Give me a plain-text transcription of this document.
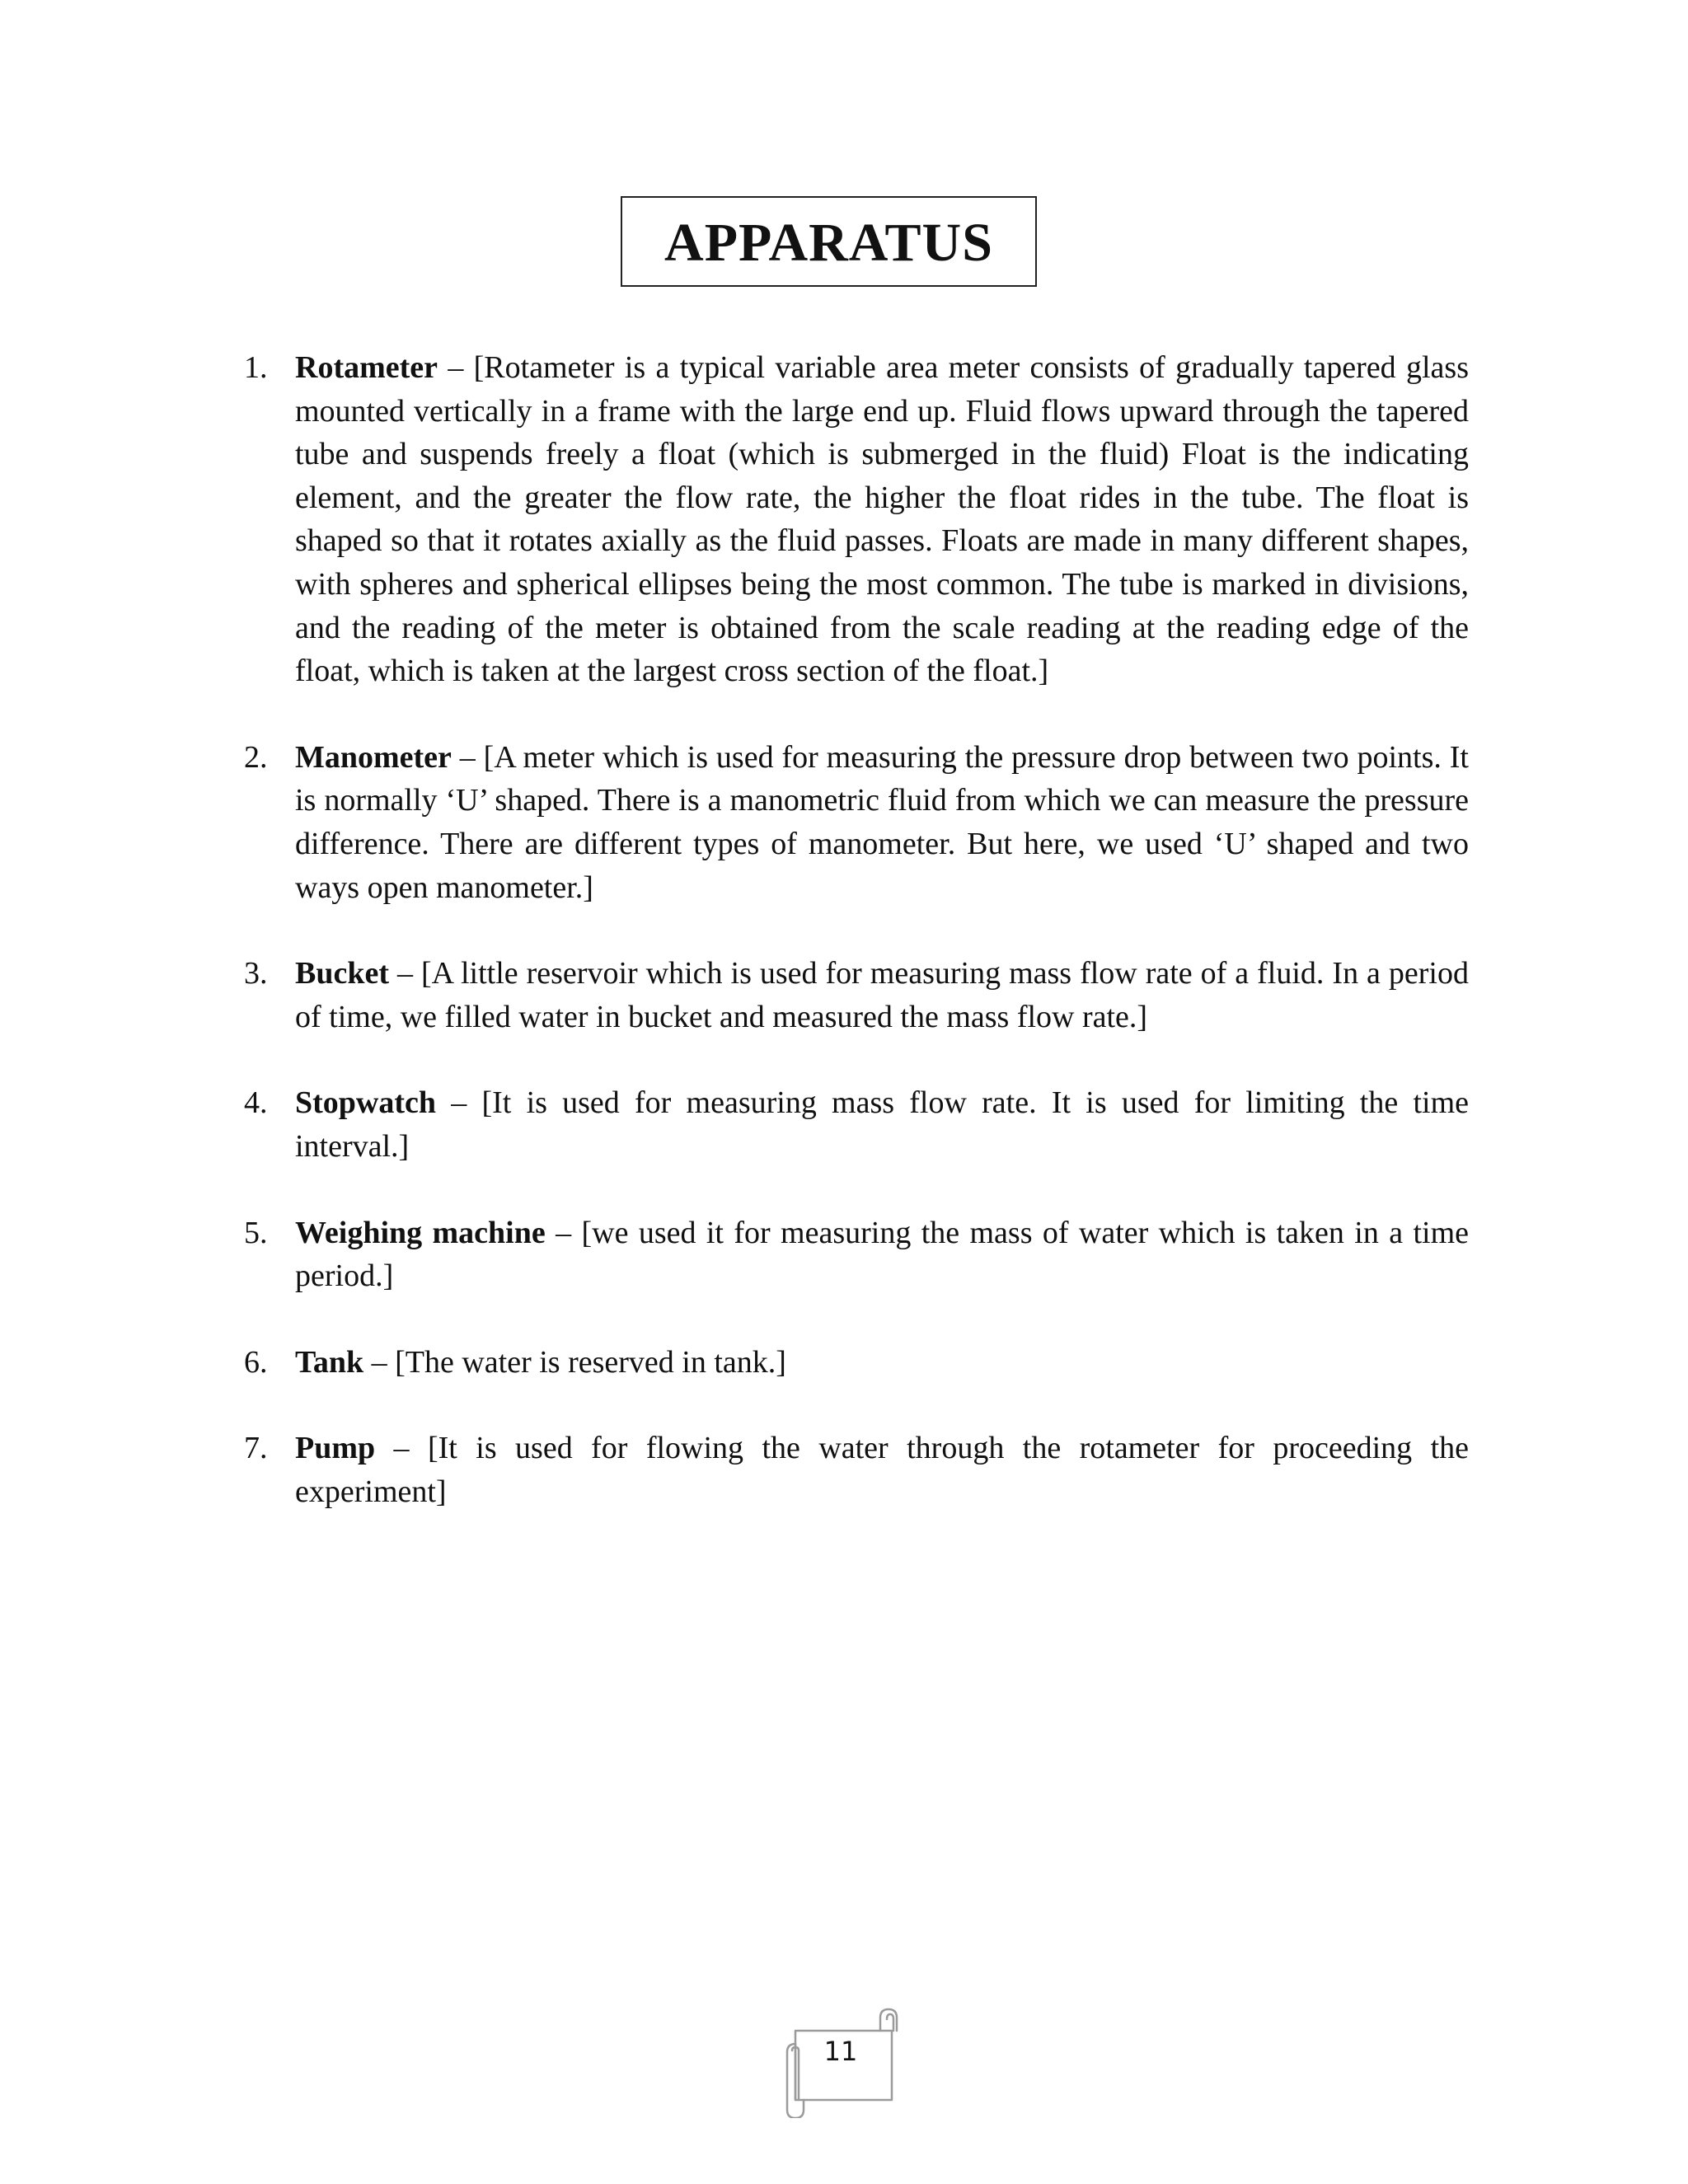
APPARATUS
1. Rotameter – [Rotameter is a typical variable area meter consists of gradually tapered glass mounted vertically in a frame with the large end up. Fluid flows upward through the tapered tube and suspends freely a float (which is submerged in the fluid) Float is the indicating element, and the greater the flow rate, the higher the float rides in the tube. The float is shaped so that it rotates axially as the fluid passes. Floats are made in many different shapes, with spheres and spherical ellipses being the most common. The tube is marked in divisions, and the reading of the meter is obtained from the scale reading at the reading edge of the float, which is taken at the largest cross section of the float.]
2. Manometer – [A meter which is used for measuring the pressure drop between two points. It is normally ‘U’ shaped. There is a manometric fluid from which we can measure the pressure difference. There are different types of manometer. But here, we used ‘U’ shaped and two ways open manometer.]
3. Bucket – [A little reservoir which is used for measuring mass flow rate of a fluid. In a period of time, we filled water in bucket and measured the mass flow rate.]
4. Stopwatch – [It is used for measuring mass flow rate. It is used for limiting the time interval.]
5. Weighing machine – [we used it for measuring the mass of water which is taken in a time period.]
6. Tank – [The water is reserved in tank.]
7. Pump – [It is used for flowing the water through the rotameter for proceeding the experiment]
11
